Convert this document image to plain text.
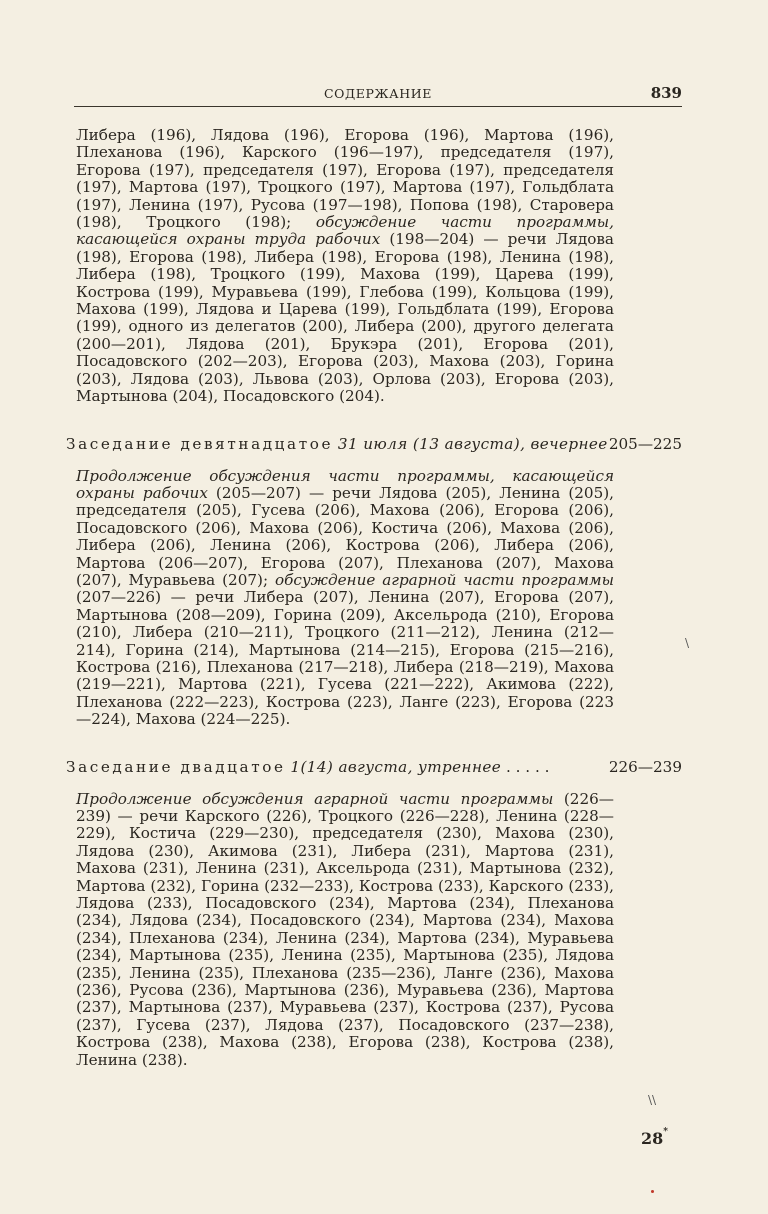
СОДЕРЖАНИЕ	839

Либера (196), Лядова (196), Егорова (196), Мартова (196), Плеханова (196), Карского (196—197), председателя (197), Егорова (197), председателя (197), Егорова (197), председателя (197), Мартова (197), Троцкого (197), Мартова (197), Гольдблата (197), Ленина (197), Русова (197—198), Попова (198), Староверa (198), Троцкого (198); обсуждение части программы, касающейся охраны труда рабочих (198—204) — речи Лядова (198), Егорова (198), Либера (198), Егорова (198), Ленина (198), Либера (198), Троцкого (199), Махова (199), Царева (199), Кострова (199), Муравьева (199), Глебова (199), Кольцова (199), Махова (199), Лядова и Царева (199), Гольдблата (199), Егорова (199), одного из делегатов (200), Либера (200), другого делегата (200—201), Лядова (201), Брукэра (201), Егорова (201), Посадовского (202—203), Егорова (203), Махова (203), Горина (203), Лядова (203), Львова (203), Орлова (203), Егорова (203), Мартынова (204), Посадовского (204).

Заседание девятнадцатое 31 июля (13 августа), вечернее 205—225

Продолжение обсуждения части программы, касающейся охраны рабочих (205—207) — речи Лядова (205), Ленина (205), председателя (205), Гусева (206), Махова (206), Егорова (206), Посадовского (206), Махова (206), Костича (206), Махова (206), Либера (206), Ленина (206), Кострова (206), Либера (206), Мартова (206—207), Егорова (207), Плеханова (207), Махова (207), Муравьева (207); обсуждение аграрной части программы (207—226) — речи Либера (207), Ленина (207), Егорова (207), Мартынова (208—209), Горина (209), Аксельрода (210), Егорова (210), Либера (210—211), Троцкого (211—212), Ленина (212—214), Горина (214), Мартынова (214—215), Егорова (215—216), Кострова (216), Плеханова (217—218), Либера (218—219), Махова (219—221), Мартова (221), Гусева (221—222), Акимова (222), Плеханова (222—223), Кострова (223), Ланге (223), Егорова (223—224), Махова (224—225).

Заседание двадцатое 1(14) августа, утреннее . . . . .	226—239

Продолжение обсуждения аграрной части программы (226—239) — речи Карского (226), Троцкого (226—228), Ленина (228—229), Костича (229—230), председателя (230), Махова (230), Лядова (230), Акимова (231), Либера (231), Мартова (231), Махова (231), Ленина (231), Аксельрода (231), Мартынова (232), Мартова (232), Горина (232—233), Кострова (233), Карского (233), Лядова (233), Посадовского (234), Мартова (234), Плеханова (234), Лядова (234), Посадовского (234), Мартова (234), Махова (234), Плеханова (234), Ленина (234), Мартова (234), Муравьева (234), Мартынова (235), Ленина (235), Мартынова (235), Лядова (235), Ленина (235), Плеханова (235—236), Ланге (236), Махова (236), Русова (236), Мартынова (236), Муравьева (236), Мартова (237), Мартынова (237), Муравьева (237), Кострова (237), Русова (237), Гусева (237), Лядова (237), Посадовского (237—238), Кострова (238), Махова (238), Егорова (238), Кострова (238), Ленина (238).

\
\\
28*
